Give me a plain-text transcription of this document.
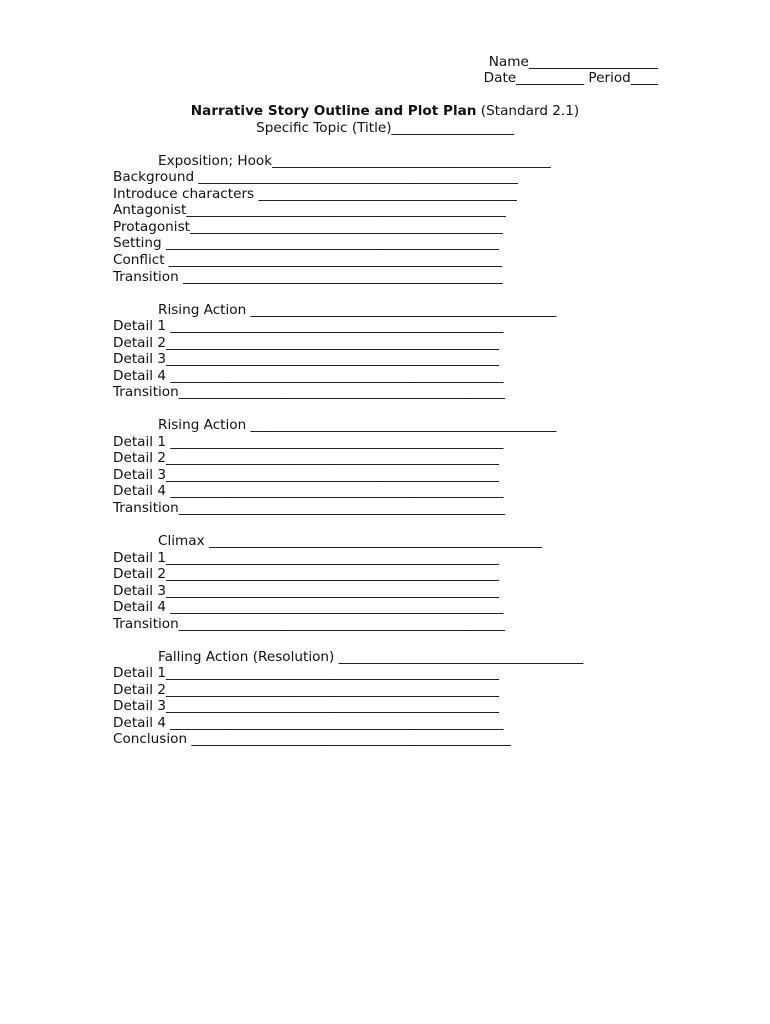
Name___________________
Date__________ Period____
Narrative Story Outline and Plot Plan (Standard 2.1)
Specific Topic (Title)__________________
Exposition; Hook_________________________________________
Background _______________________________________________
Introduce characters ______________________________________
Antagonist_______________________________________________
Protagonist______________________________________________
Setting _________________________________________________
Conflict _________________________________________________
Transition _______________________________________________
Rising Action _____________________________________________
Detail 1 _________________________________________________
Detail 2_________________________________________________
Detail 3_________________________________________________
Detail 4 _________________________________________________
Transition________________________________________________
Rising Action _____________________________________________
Detail 1 _________________________________________________
Detail 2_________________________________________________
Detail 3_________________________________________________
Detail 4 _________________________________________________
Transition________________________________________________
Climax _________________________________________________
Detail 1_________________________________________________
Detail 2_________________________________________________
Detail 3_________________________________________________
Detail 4 _________________________________________________
Transition________________________________________________
Falling Action (Resolution) ____________________________________
Detail 1_________________________________________________
Detail 2_________________________________________________
Detail 3_________________________________________________
Detail 4 _________________________________________________
Conclusion _______________________________________________
